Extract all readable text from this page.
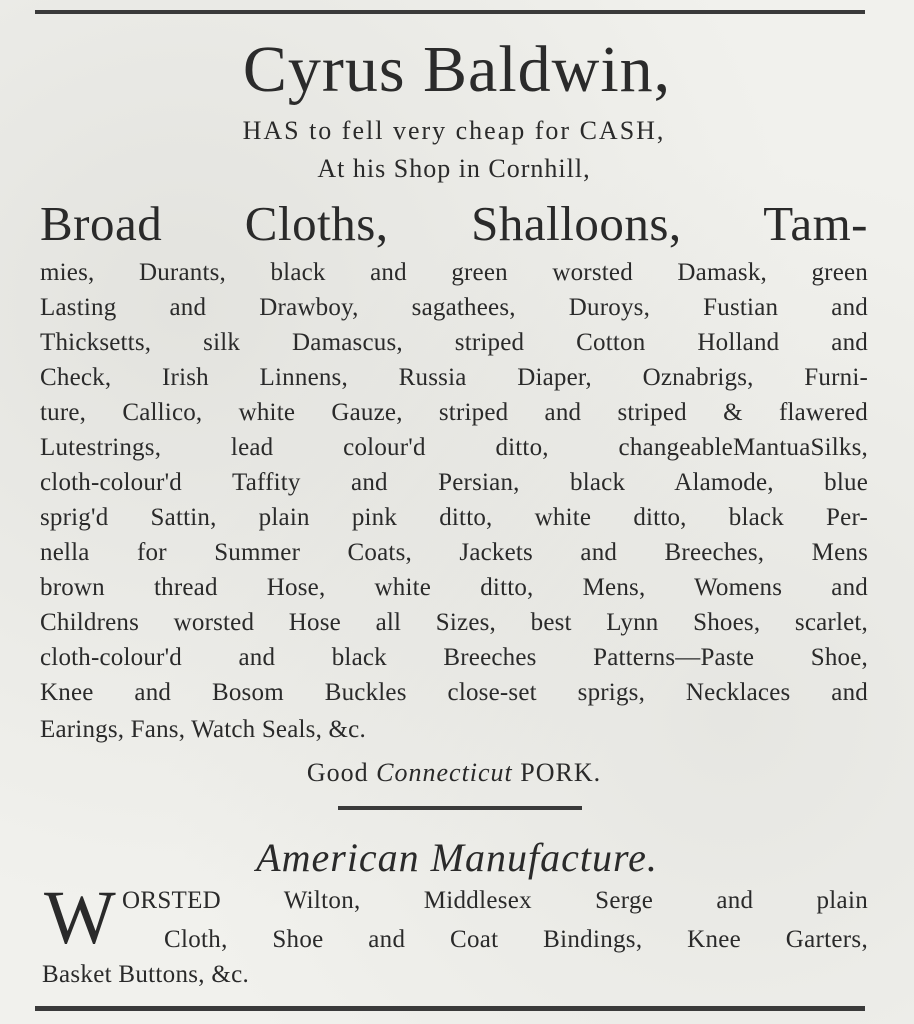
Cyrus Baldwin,
HAS to fell very cheap for CASH,
At his Shop in Cornhill,
Broad Cloths, Shalloons, Tam-
mies, Durants, black and green worsted Damask, green
Lasting and Drawboy, sagathees, Duroys, Fustian and
Thicksetts, silk Damascus, striped Cotton Holland and
Check, Irish Linnens, Russia Diaper, Oznabrigs, Furni-
ture, Callico, white Gauze, striped and striped & flawered
Lutestrings, lead colour'd ditto, changeableMantuaSilks,
cloth-colour'd Taffity and Persian, black Alamode, blue
sprig'd Sattin, plain pink ditto, white ditto, black Per-
nella for Summer Coats, Jackets and Breeches, Mens
brown thread Hose, white ditto, Mens, Womens and
Childrens worsted Hose all Sizes, best Lynn Shoes, scarlet,
cloth-colour'd and black Breeches Patterns—Paste Shoe,
Knee and Bosom Buckles close-set sprigs, Necklaces and
Earings, Fans, Watch Seals, &c.
Good Connecticut PORK.
American Manufacture.
W ORSTED Wilton, Middlesex Serge and plain
Cloth, Shoe and Coat Bindings, Knee Garters,
Basket Buttons, &c.
